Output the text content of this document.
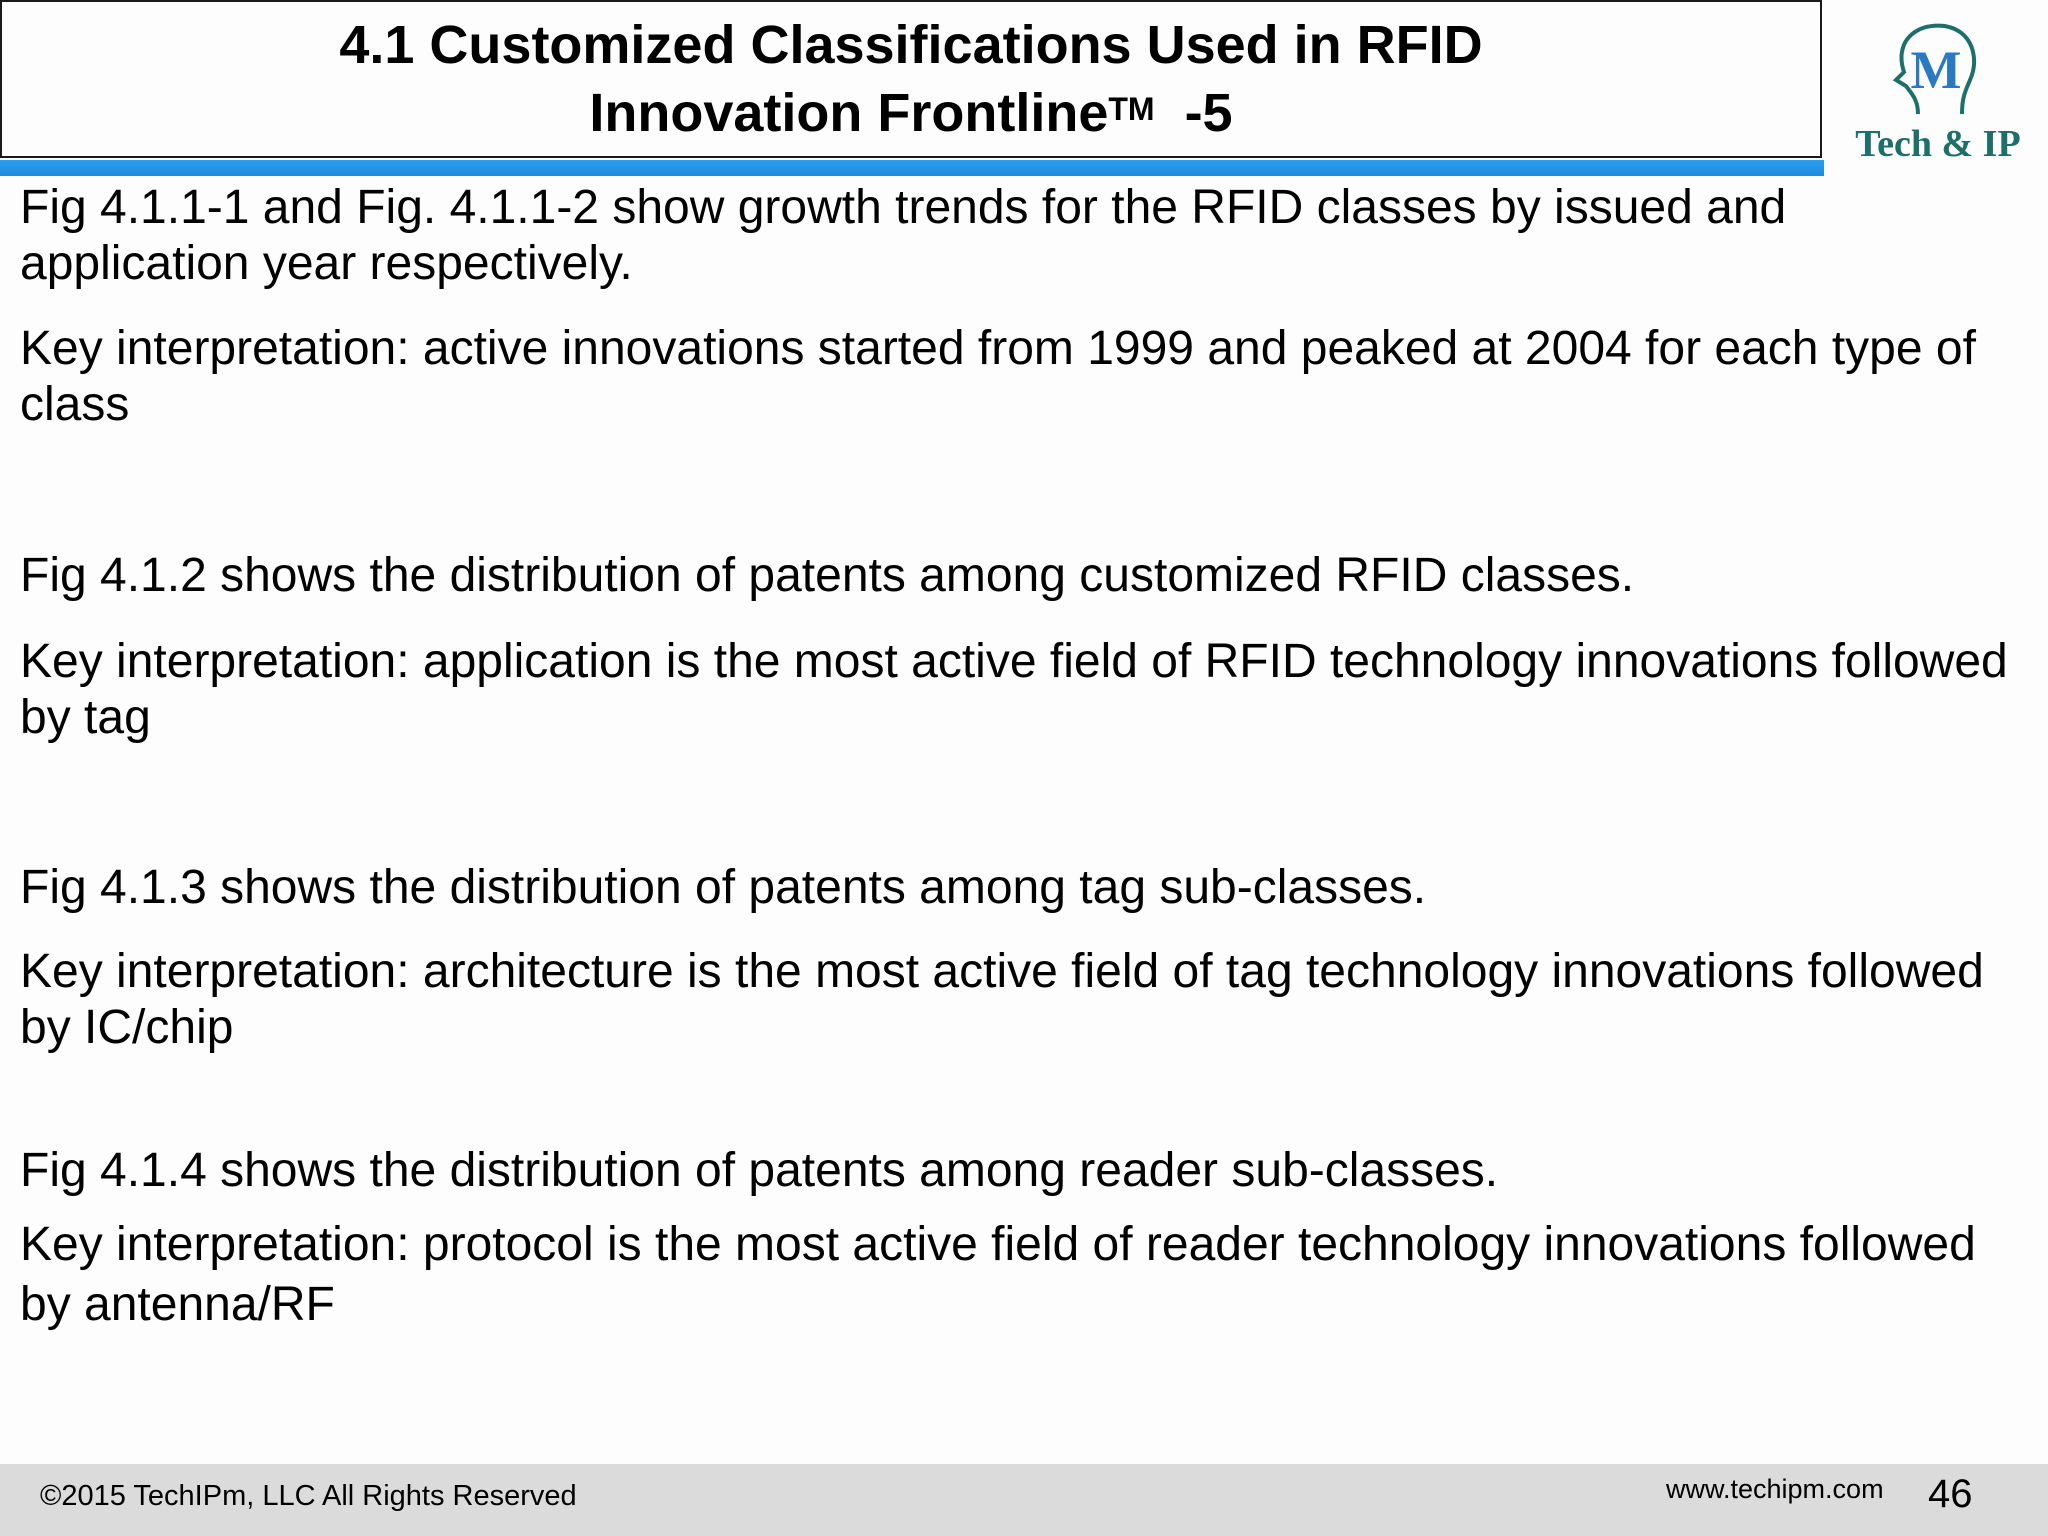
4.1 Customized Classifications Used in RFID
Innovation Frontline™ -5
M
Tech & IP

Fig 4.1.1-1 and Fig. 4.1.1-2 show growth trends for the RFID classes by issued and application year respectively.

Key interpretation: active innovations started from 1999 and peaked at 2004 for each type of class

Fig 4.1.2 shows the distribution of patents among customized RFID classes.

Key interpretation: application is the most active field of RFID technology innovations followed by tag

Fig 4.1.3 shows the distribution of patents among tag sub-classes.

Key interpretation: architecture is the most active field of tag technology innovations followed by IC/chip

Fig 4.1.4 shows the distribution of patents among reader sub-classes.

Key interpretation: protocol is the most active field of reader technology innovations followed by antenna/RF

©2015 TechIPm, LLC All Rights Reserved	www.techipm.com 46
